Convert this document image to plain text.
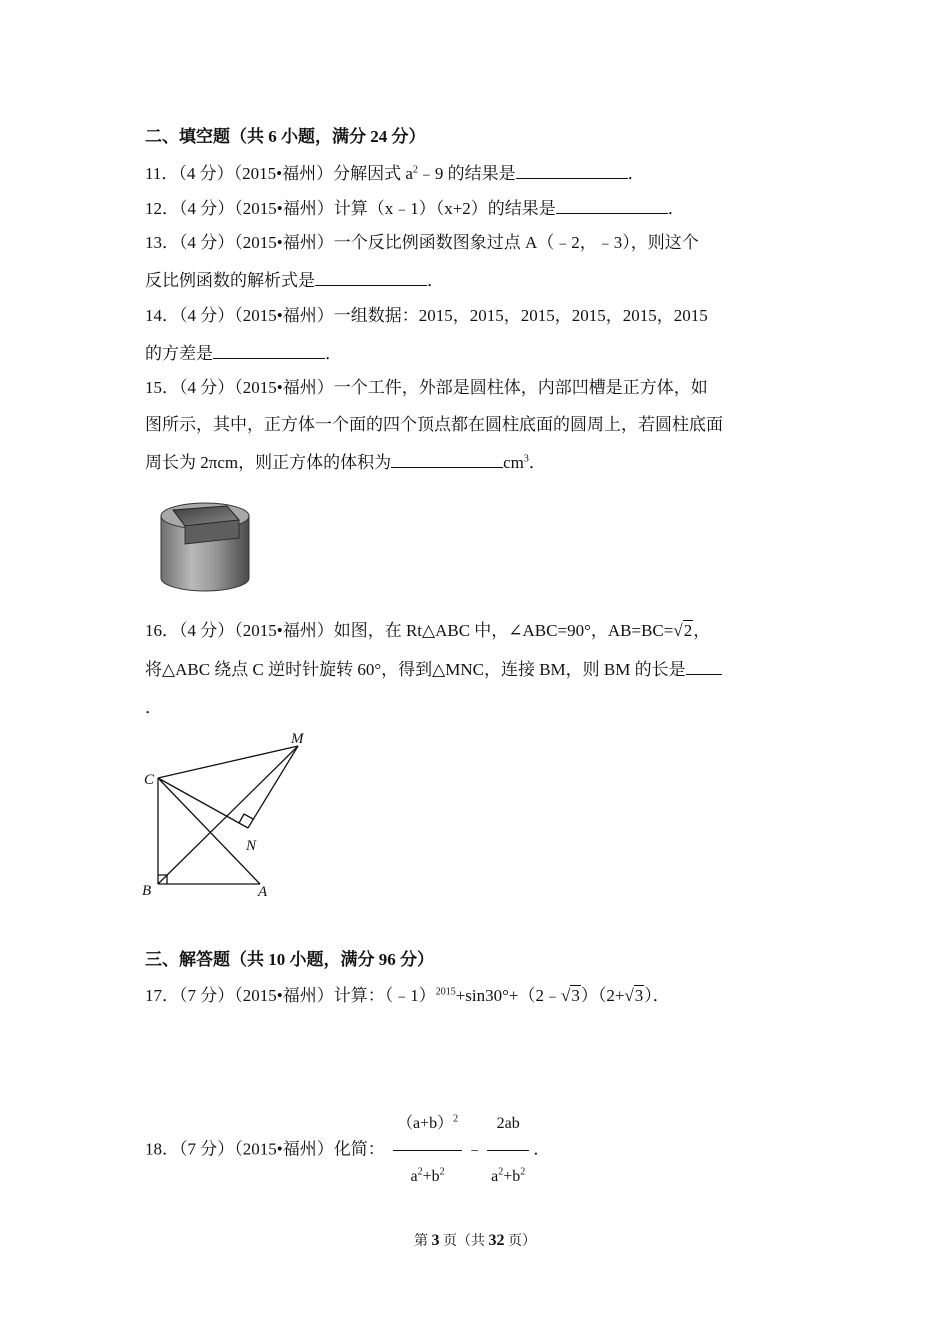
二、填空题（共 6 小题，满分 24 分）
11．（4 分）（2015•福州）分解因式 $a^2﹣9$ 的结果是	．
12．（4 分）（2015•福州）计算（x﹣1）（x+2）的结果是	．
13．（4 分）（2015•福州）一个反比例函数图象过点 A（﹣2，﹣3），则这个
反比例函数的解析式是	．
14．（4 分）（2015•福州）一组数据：2015，2015，2015，2015，2015，2015
的方差是	．
15．（4 分）（2015•福州）一个工件，外部是圆柱体，内部凹槽是正方体，如
图所示，其中，正方体一个面的四个顶点都在圆柱底面的圆周上，若圆柱底面
周长为 2πcm，则正方体的体积为	$cm^3$．
16．（4 分）（2015•福州）如图，在 Rt△ABC 中，∠ABC=90°，AB=BC=√2，
将△ABC 绕点 C 逆时针旋转 60°，得到△MNC，连接 BM，则 BM 的长是
．
M
C
N
B	A
三、解答题（共 10 小题，满分 96 分）
17．（7 分）（2015•福州）计算：（﹣1）$^{2015}$+sin30°+（2﹣√3）（2+√3）．
18．（7 分）（2015•福州）化简： $\frac{(a+b)^2}{a^2+b^2}$ ﹣ $\frac{2ab}{a^2+b^2}$ ．
第 3 页（共 32 页）
